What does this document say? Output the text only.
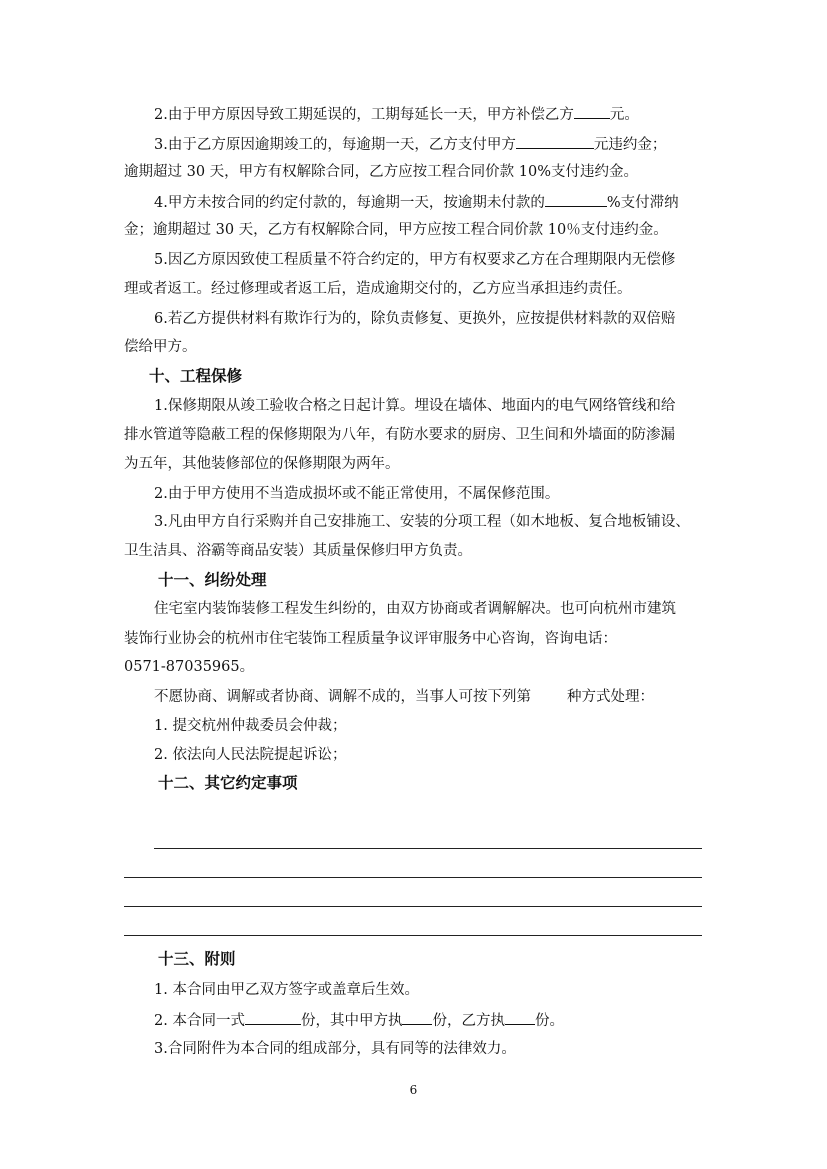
2.由于甲方原因导致工期延误的，工期每延长一天，甲方补偿乙方 元。
3.由于乙方原因逾期竣工的，每逾期一天，乙方支付甲方	元违约金；
逾期超过 30 天，甲方有权解除合同，乙方应按工程合同价款 10%支付违约金。
4.甲方未按合同的约定付款的，每逾期一天，按逾期未付款的	%支付滞纳
金；逾期超过 30 天，乙方有权解除合同，甲方应按工程合同价款 10％支付违约金。
5.因乙方原因致使工程质量不符合约定的，甲方有权要求乙方在合理期限内无偿修
理或者返工。经过修理或者返工后，造成逾期交付的，乙方应当承担违约责任。
6.若乙方提供材料有欺诈行为的，除负责修复、更换外，应按提供材料款的双倍赔
偿给甲方。
十、工程保修
1.保修期限从竣工验收合格之日起计算。埋设在墙体、地面内的电气网络管线和给
排水管道等隐蔽工程的保修期限为八年，有防水要求的厨房、卫生间和外墙面的防渗漏
为五年，其他装修部位的保修期限为两年。
2.由于甲方使用不当造成损坏或不能正常使用，不属保修范围。
3.凡由甲方自行采购并自己安排施工、安装的分项工程（如木地板、复合地板铺设、
卫生洁具、浴霸等商品安装）其质量保修归甲方负责。
十一、纠纷处理
住宅室内装饰装修工程发生纠纷的，由双方协商或者调解解决。也可向杭州市建筑
装饰行业协会的杭州市住宅装饰工程质量争议评审服务中心咨询，咨询电话：
0571-87035965。
不愿协商、调解或者协商、调解不成的，当事人可按下列第 种方式处理：
1. 提交杭州仲裁委员会仲裁；
2. 依法向人民法院提起诉讼；
十二、其它约定事项
十三、附则
1. 本合同由甲乙双方签字或盖章后生效。
2. 本合同一式	份，其中甲方执 份，乙方执 份。
3.合同附件为本合同的组成部分，具有同等的法律效力。
6
